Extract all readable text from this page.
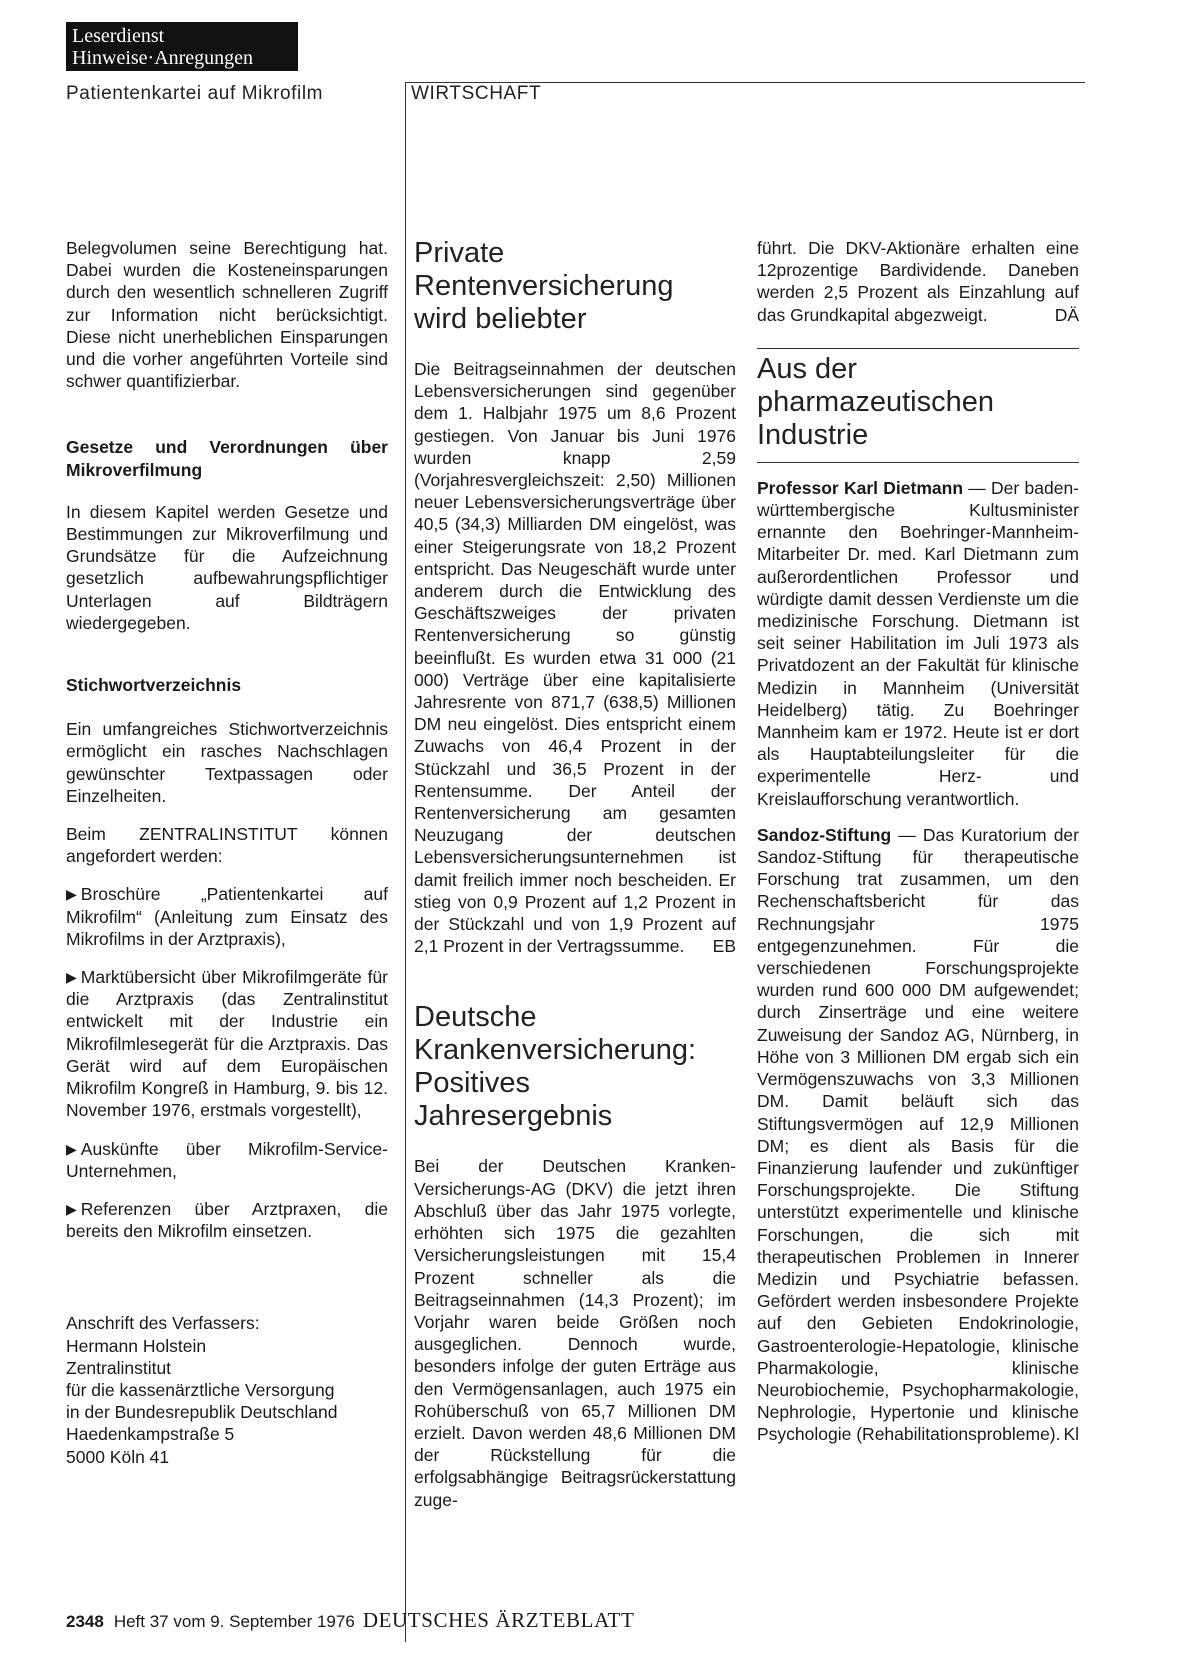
Leserdienst
Hinweise·Anregungen
Patientenkartei auf Mikrofilm	WIRTSCHAFT

Belegvolumen seine Berechtigung hat. Dabei wurden die Kosteneinsparungen durch den wesentlich schnelleren Zugriff zur Information nicht berücksichtigt. Diese nicht unerheblichen Einsparungen und die vorher angeführten Vorteile sind schwer quantifizierbar.

Gesetze und Verordnungen über Mikroverfilmung

In diesem Kapitel werden Gesetze und Bestimmungen zur Mikroverfilmung und Grundsätze für die Aufzeichnung gesetzlich aufbewahrungspflichtiger Unterlagen auf Bildträgern wiedergegeben.

Stichwortverzeichnis

Ein umfangreiches Stichwortverzeichnis ermöglicht ein rasches Nachschlagen gewünschter Textpassagen oder Einzelheiten.

Beim ZENTRALINSTITUT können angefordert werden:

▶ Broschüre „Patientenkartei auf Mikrofilm“ (Anleitung zum Einsatz des Mikrofilms in der Arztpraxis),

▶ Marktübersicht über Mikrofilmgeräte für die Arztpraxis (das Zentralinstitut entwickelt mit der Industrie ein Mikrofilmlesegerät für die Arztpraxis. Das Gerät wird auf dem Europäischen Mikrofilm Kongreß in Hamburg, 9. bis 12. November 1976, erstmals vorgestellt),

▶ Auskünfte über Mikrofilm-Service-Unternehmen,

▶ Referenzen über Arztpraxen, die bereits den Mikrofilm einsetzen.

Anschrift des Verfassers:

Hermann Holstein

Zentralinstitut

für die kassenärztliche Versorgung

in der Bundesrepublik Deutschland

Haedenkampstraße 5

5000 Köln 41

Private
Rentenversicherung
wird beliebter

Die Beitragseinnahmen der deutschen Lebensversicherungen sind gegenüber dem 1. Halbjahr 1975 um 8,6 Prozent gestiegen. Von Januar bis Juni 1976 wurden knapp 2,59 (Vorjahresvergleichszeit: 2,50) Millionen neuer Lebensversicherungsverträge über 40,5 (34,3) Milliarden DM eingelöst, was einer Steigerungsrate von 18,2 Prozent entspricht. Das Neugeschäft wurde unter anderem durch die Entwicklung des Geschäftszweiges der privaten Rentenversicherung so günstig beeinflußt. Es wurden etwa 31 000 (21 000) Verträge über eine kapitalisierte Jahresrente von 871,7 (638,5) Millionen DM neu eingelöst. Dies entspricht einem Zuwachs von 46,4 Prozent in der Stückzahl und 36,5 Prozent in der Rentensumme. Der Anteil der Rentenversicherung am gesamten Neuzugang der deutschen Lebensversicherungsunternehmen ist damit freilich immer noch bescheiden. Er stieg von 0,9 Prozent auf 1,2 Prozent in der Stückzahl und von 1,9 Prozent auf 2,1 Prozent in der Vertragssumme. EB

Deutsche
Krankenversicherung:
Positives
Jahresergebnis

Bei der Deutschen Kranken-Versicherungs-AG (DKV) die jetzt ihren Abschluß über das Jahr 1975 vorlegte, erhöhten sich 1975 die gezahlten Versicherungsleistungen mit 15,4 Prozent schneller als die Beitragseinnahmen (14,3 Prozent); im Vorjahr waren beide Größen noch ausgeglichen. Dennoch wurde, besonders infolge der guten Erträge aus den Vermögensanlagen, auch 1975 ein Rohüberschuß von 65,7 Millionen DM erzielt. Davon werden 48,6 Millionen DM der Rückstellung für die erfolgsabhängige Beitragsrückerstattung zuge-

führt. Die DKV-Aktionäre erhalten eine 12prozentige Bardividende. Daneben werden 2,5 Prozent als Einzahlung auf das Grundkapital abgezweigt.	DÄ

Aus der
pharmazeutischen
Industrie

Professor Karl Dietmann — Der baden-württembergische Kultusminister ernannte den Boehringer-Mannheim-Mitarbeiter Dr. med. Karl Dietmann zum außerordentlichen Professor und würdigte damit dessen Verdienste um die medizinische Forschung. Dietmann ist seit seiner Habilitation im Juli 1973 als Privatdozent an der Fakultät für klinische Medizin in Mannheim (Universität Heidelberg) tätig. Zu Boehringer Mannheim kam er 1972. Heute ist er dort als Hauptabteilungsleiter für die experimentelle Herz- und Kreislaufforschung verantwortlich.

Sandoz-Stiftung — Das Kuratorium der Sandoz-Stiftung für therapeutische Forschung trat zusammen, um den Rechenschaftsbericht für das Rechnungsjahr 1975 entgegenzunehmen. Für die verschiedenen Forschungsprojekte wurden rund 600 000 DM aufgewendet; durch Zinserträge und eine weitere Zuweisung der Sandoz AG, Nürnberg, in Höhe von 3 Millionen DM ergab sich ein Vermögenszuwachs von 3,3 Millionen DM. Damit beläuft sich das Stiftungsvermögen auf 12,9 Millionen DM; es dient als Basis für die Finanzierung laufender und zukünftiger Forschungsprojekte. Die Stiftung unterstützt experimentelle und klinische Forschungen, die sich mit therapeutischen Problemen in Innerer Medizin und Psychiatrie befassen. Gefördert werden insbesondere Projekte auf den Gebieten Endokrinologie, Gastroenterologie-Hepatologie, klinische Pharmakologie, klinische Neurobiochemie, Psychopharmakologie, Nephrologie, Hypertonie und klinische Psychologie (Rehabilitationsprobleme). Kl

2348 Heft 37 vom 9. September 1976 DEUTSCHES ÄRZTEBLATT
